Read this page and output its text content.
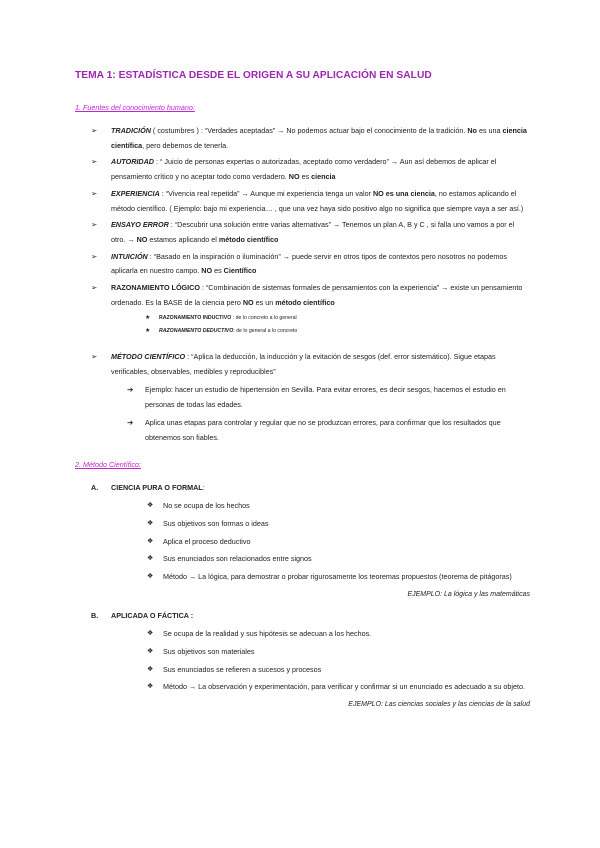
TEMA 1: ESTADÍSTICA DESDE EL ORIGEN A SU APLICACIÓN EN SALUD
1. Fuentes del conocimiento humano:
➢ TRADICIÓN ( costumbres ) : “Verdades aceptadas” → No podemos actuar bajo el conocimiento de la tradición. No es una ciencia científica, pero debemos de tenerla.
➢ AUTORIDAD : “ Juicio de personas expertas o autorizadas, aceptado como verdadero” → Aun así debemos de aplicar el pensamiento crítico y no aceptar todo como verdadero. NO es ciencia
➢ EXPERIENCIA : “Vivencia real repetida” → Aunque mi experiencia tenga un valor NO es una ciencia, no estamos aplicando el método científico. ( Ejemplo: bajo mi experiencia… , que una vez haya sido positivo algo no significa que siempre vaya a ser así.)
➢ ENSAYO ERROR : “Descubrir una solución entre varias alternativas” → Tenemos un plan A, B y C , si falla uno vamos a por el otro. → NO estamos aplicando el método científico
➢ INTUICIÓN : “Basado en la inspiración o iluminación” → puede servir en otros tipos de contextos pero nosotros no podemos aplicarla en nuestro campo. NO es Científico
➢ RAZONAMIENTO LÓGICO : “Combinación de sistemas formales de pensamientos con la experiencia” → existe un pensamiento ordenado. Es la BASE de la ciencia pero NO es un método científico
★ RAZONAMIENTO INDUCTIVO : de lo concreto a lo general
★ RAZONAMIENTO DEDUCTIVO: de lo general a lo concreto
➢ MÉTODO CIENTÍFICO : “Aplica la deducción, la inducción y la evitación de sesgos (def. error sistemático). Sigue etapas verificables, observables, medibles y reproducibles”
➔ Ejemplo: hacer un estudio de hipertensión en Sevilla. Para evitar errores, es decir sesgos, hacemos el estudio en personas de todas las edades.
➔ Aplica unas etapas para controlar y regular que no se produzcan errores, para confirmar que los resultados que obtenemos son fiables.
2. Método Científico:
A. CIENCIA PURA O FORMAL:
❖ No se ocupa de los hechos
❖ Sus objetivos son formas o ideas
❖ Aplica el proceso deductivo
❖ Sus enunciados son relacionados entre signos
❖ Método → La lógica, para demostrar o probar rigurosamente los teoremas propuestos (teorema de pitágoras)
EJEMPLO: La lógica y las matemáticas
B. APLICADA O FÁCTICA :
❖ Se ocupa de la realidad y sus hipótesis se adecuan a los hechos.
❖ Sus objetivos son materiales
❖ Sus enunciados se refieren a sucesos y procesos
❖ Método → La observación y experimentación, para verificar y confirmar si un enunciado es adecuado a su objeto.
EJEMPLO: Las ciencias sociales y las ciencias de la salud
